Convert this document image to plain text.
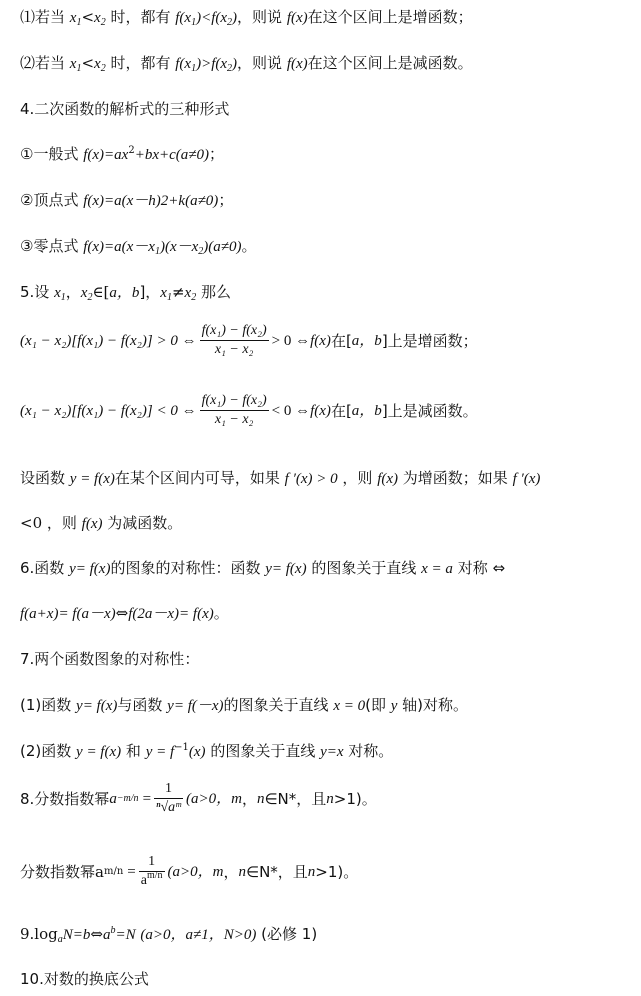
⑴若当 $x_1<x_2$ 时，都有 $f(x_1)<f(x_2)$，则说 f(x)在这个区间上是增函数；
⑵若当 $x_1<x_2$ 时，都有 $f(x_1)>f(x_2)$，则说 f(x)在这个区间上是减函数。
4.二次函数的解析式的三种形式
①一般式 $f(x)=ax^2+bx+c(a\ne 0)$；
②顶点式 f(x)=a(x－h)2+k(a≠0)；
③零点式 $f(x)=a(x-x_1)(x-x_2)(a\ne 0)$。
5.设 $x_1$，$x_2\in[a$，b]，$x_1\ne x_2$ 那么
(x₁ − x₂)[f(x₁) − f(x₂)] > 0 ⇔ $\frac{\text{f(x₁) − f(x₂)}}{\text{x₁ − x₂}} > 0$ ⇔ f(x) 在[ a，b ]上是增函数；
(x₁ − x₂)[f(x₁) − f(x₂)] < 0 ⇔ $\frac{\text{f(x₁) − f(x₂)}}{\text{x₁ − x₂}} < 0$ ⇔ f(x) 在[ a，b ]上是减函数。
设函数 y = f(x)在某个区间内可导，如果 f ′(x) > 0 ，则 f(x) 为增函数；如果 f ′(x)
<0 ，则 f(x) 为减函数。
6.函数 y= f(x)的图象的对称性：函数 y= f(x) 的图象关于直线 x = a 对称 ⇔
f(a+x)= f(a－x)⇔f(2a－x)= f(x)。
7.两个函数图象的对称性：
(1)函数 y= f(x)与函数 y= f(－x)的图象关于直线 x = 0(即 y 轴)对称。
(2)函数 y = f(x) 和 $y = f^{-1}(x)$ 的图象关于直线 y=x 对称。
8.分数指数幂 $a -m/n = \frac{1}{\text{ⁿ√aᵐ}} (a>0$， m ， n ∈N*，且 n >1)。
分数指数幂 a $m/n = \frac{1}{a^{m/n}} (a>0$， m ， n ∈N*，且 n >1)。
$9.\log_aN=b\Leftrightarrow a^b=N$ (a>0，a≠1，N>0) (必修 1)
10.对数的换底公式
